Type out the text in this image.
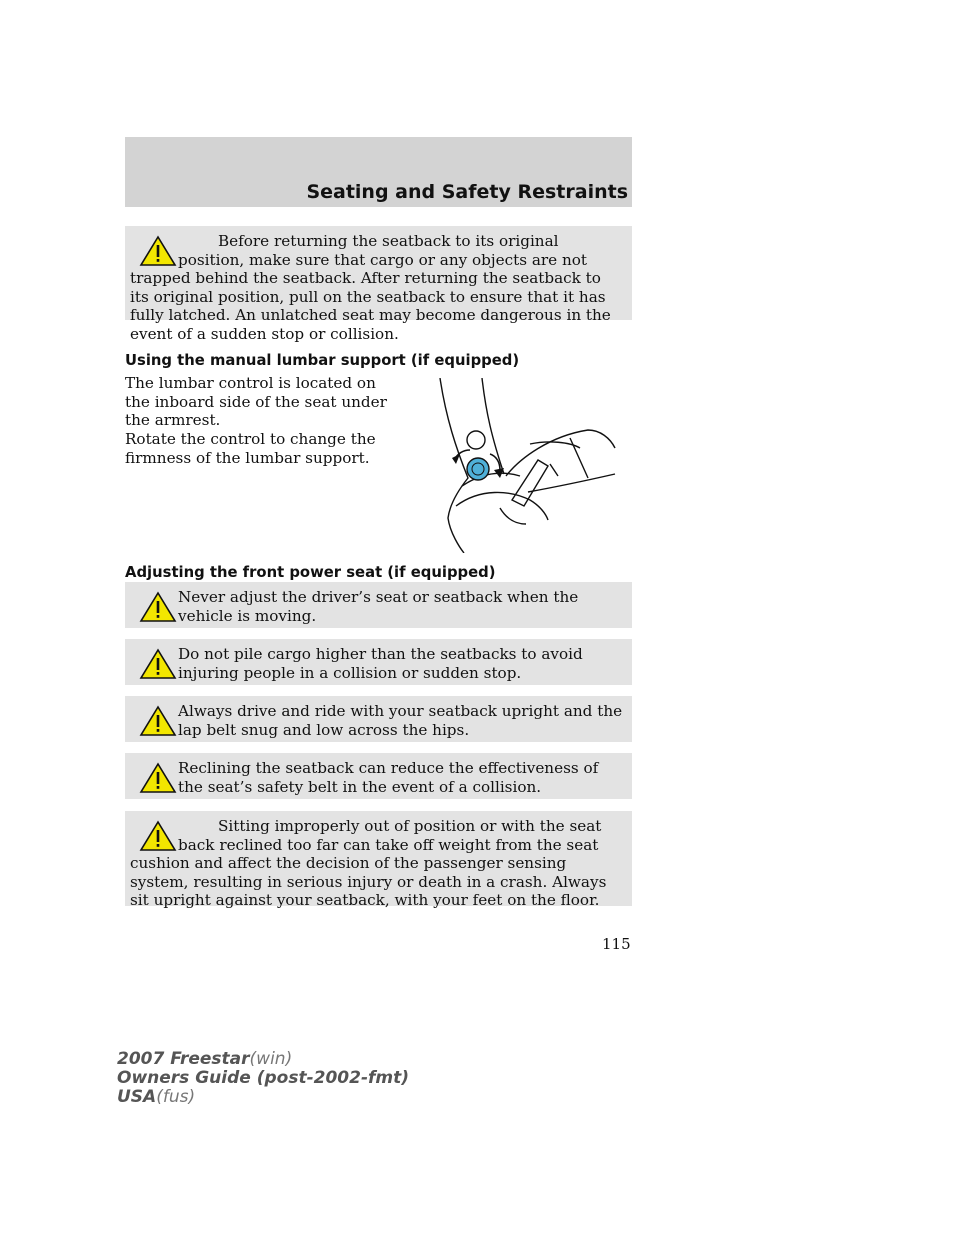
Seating and Safety Restraints
Before returning the seatback to its original position, make sure that cargo or any objects are not trapped behind the seatback. After returning the seatback to its original position, pull on the seatback to ensure that it has fully latched. An unlatched seat may become dangerous in the event of a sudden stop or collision.
Using the manual lumbar support (if equipped)
The lumbar control is located on the inboard side of the seat under the armrest.
Rotate the control to change the firmness of the lumbar support.
Adjusting the front power seat (if equipped)
Never adjust the driver’s seat or seatback when the vehicle is moving.
Do not pile cargo higher than the seatbacks to avoid injuring people in a collision or sudden stop.
Always drive and ride with your seatback upright and the lap belt snug and low across the hips.
Reclining the seatback can reduce the effectiveness of the seat’s safety belt in the event of a collision.
Sitting improperly out of position or with the seat back reclined too far can take off weight from the seat cushion and affect the decision of the passenger sensing system, resulting in serious injury or death in a crash. Always sit upright against your seatback, with your feet on the floor.
115
2007 Freestar(win)
Owners Guide (post-2002-fmt)
USA(fus)
